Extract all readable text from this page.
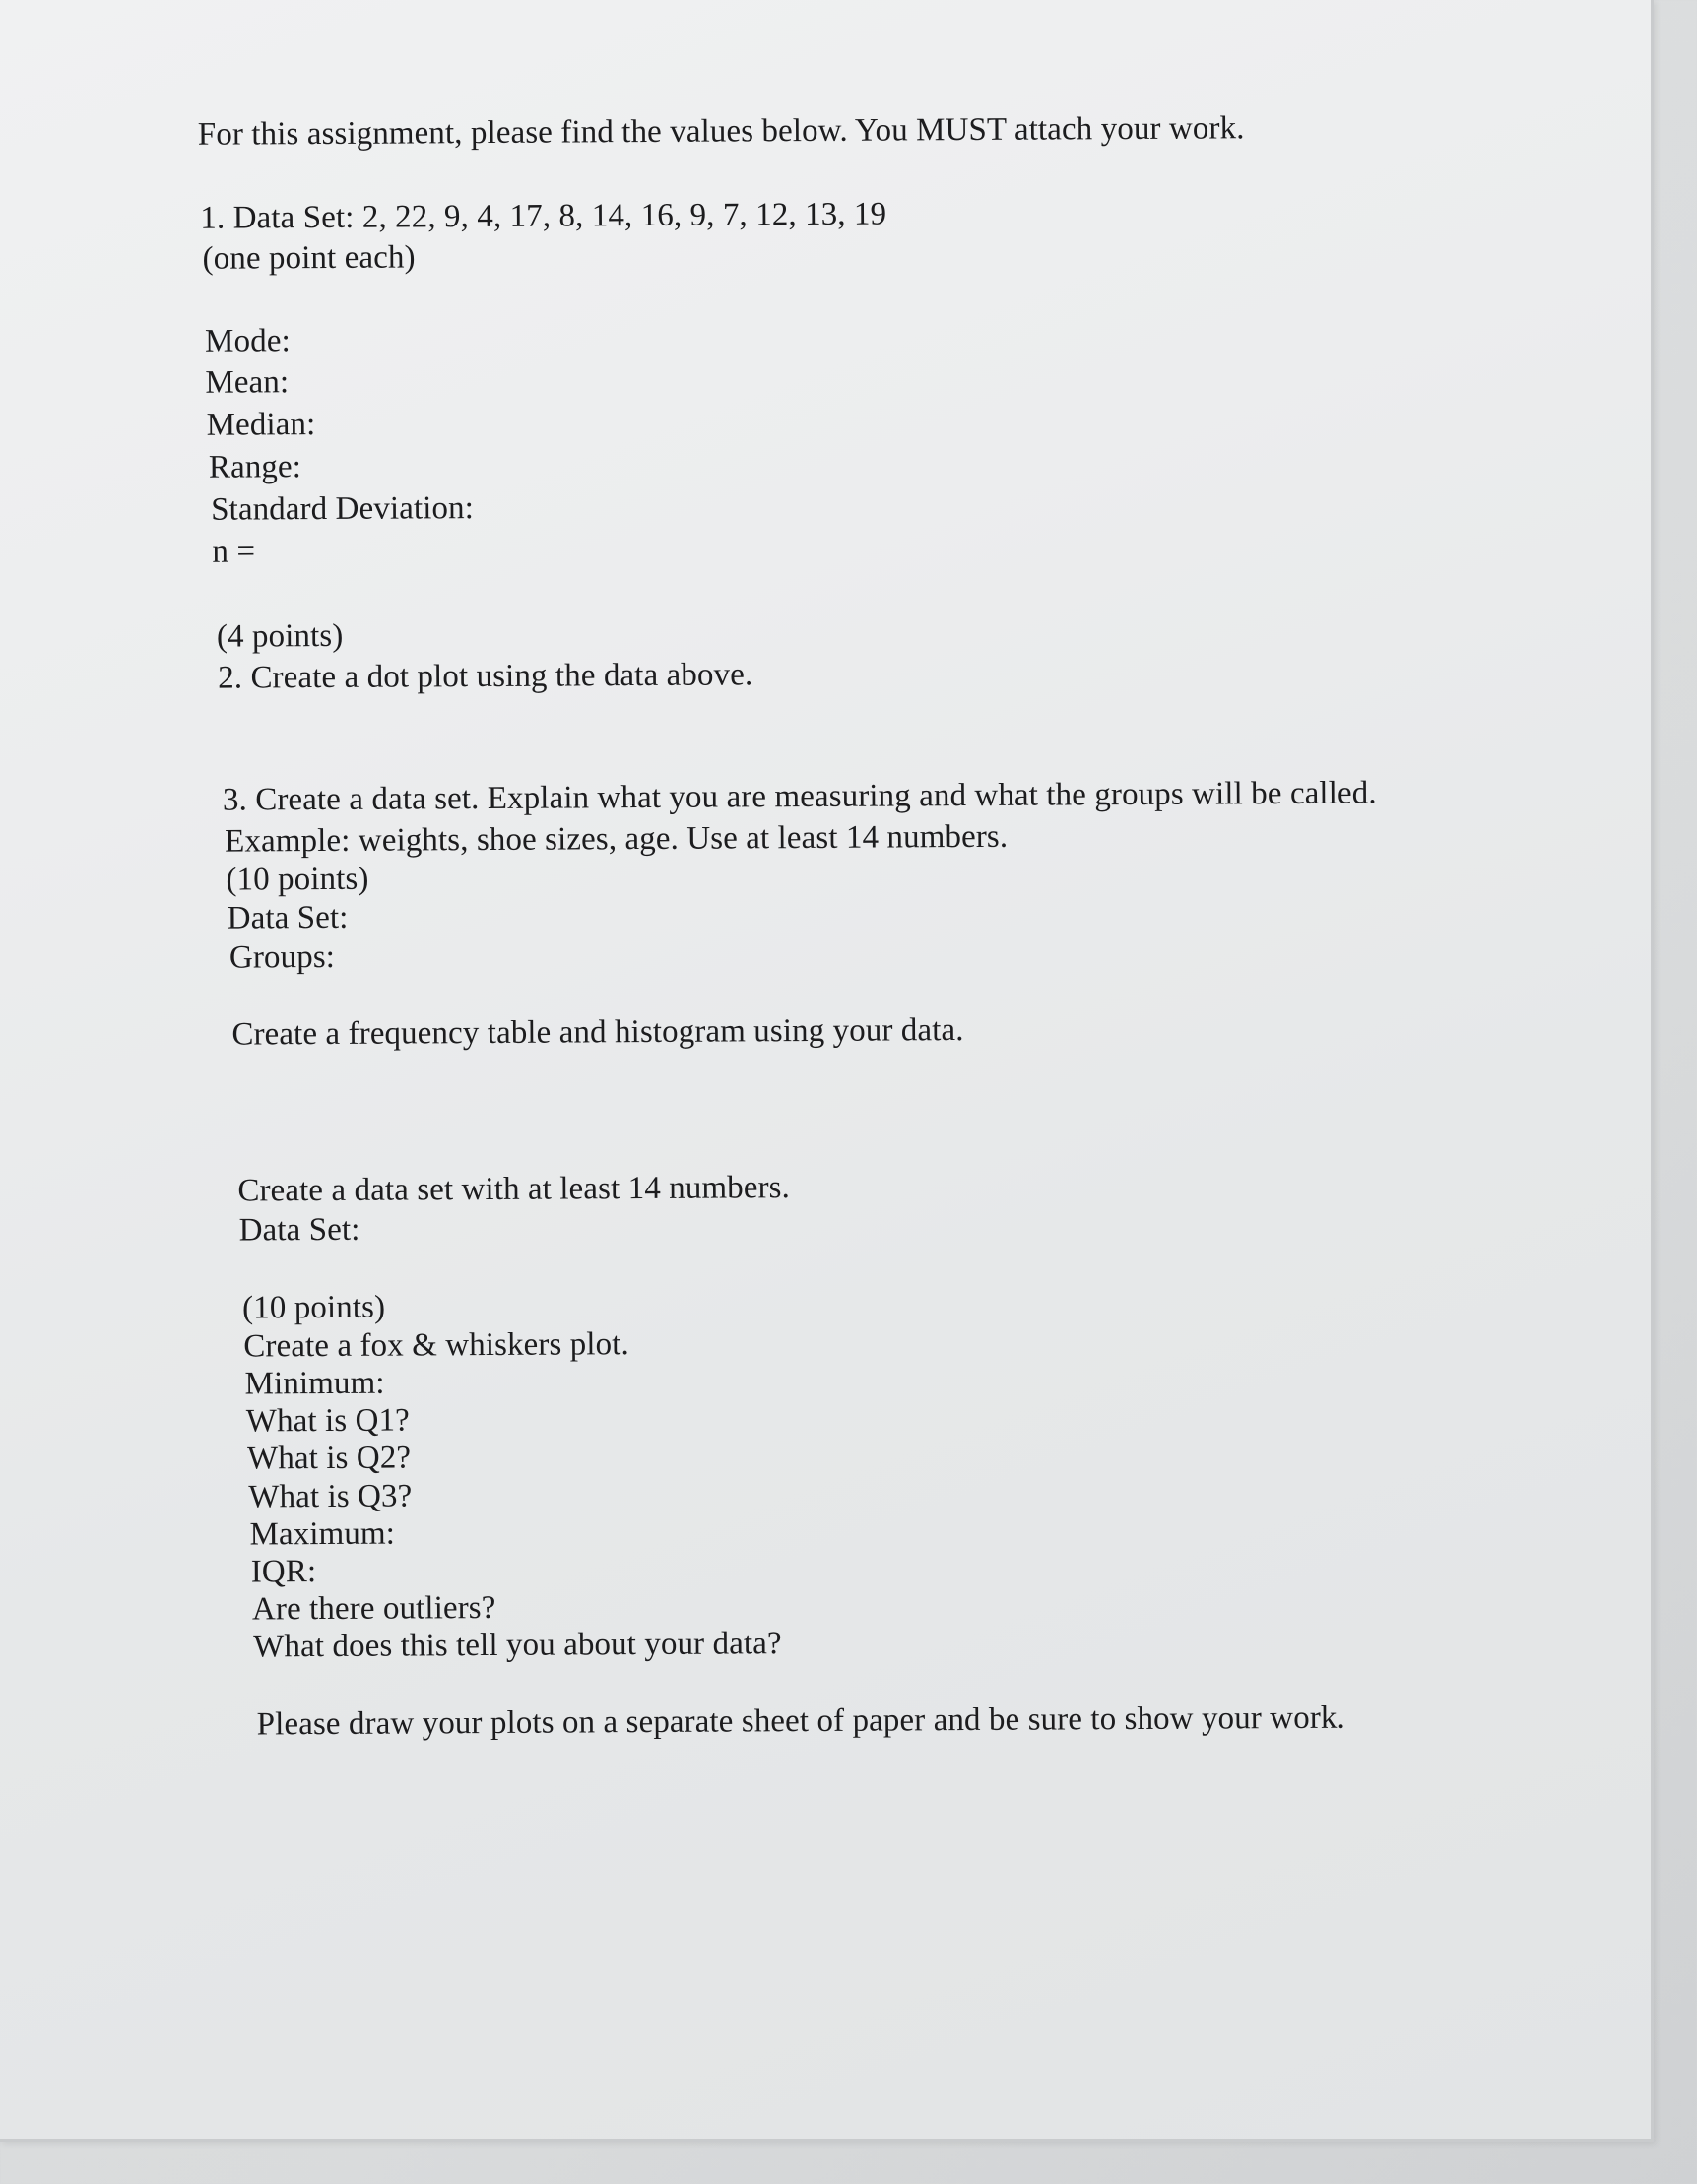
For this assignment, please find the values below. You MUST attach your work.
1. Data Set: 2, 22, 9, 4, 17, 8, 14, 16, 9, 7, 12, 13, 19
(one point each)
Mode:
Mean:
Median:
Range:
Standard Deviation:
n =
(4 points)
2. Create a dot plot using the data above.
3. Create a data set. Explain what you are measuring and what the groups will be called.
Example: weights, shoe sizes, age. Use at least 14 numbers.
(10 points)
Data Set:
Groups:
Create a frequency table and histogram using your data.
Create a data set with at least 14 numbers.
Data Set:
(10 points)
Create a fox & whiskers plot.
Minimum:
What is Q1?
What is Q2?
What is Q3?
Maximum:
IQR:
Are there outliers?
What does this tell you about your data?
Please draw your plots on a separate sheet of paper and be sure to show your work.
